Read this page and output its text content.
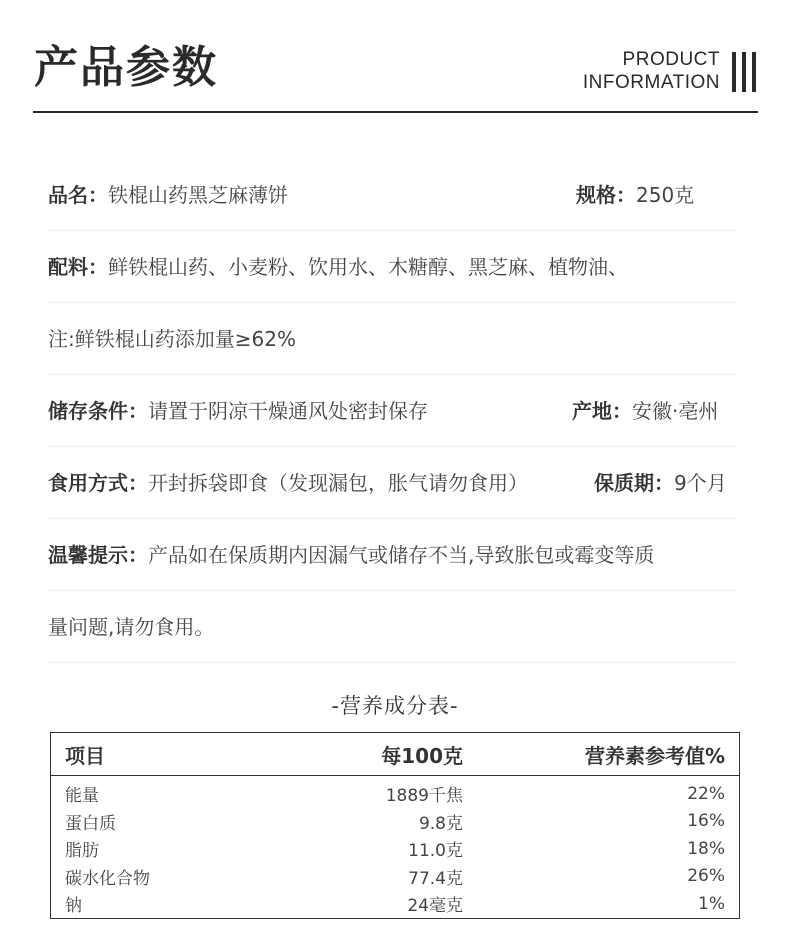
产品参数	PRODUCT
INFORMATION
品名：铁棍山药黑芝麻薄饼	规格：250克
配料：鲜铁棍山药、小麦粉、饮用水、木糖醇、黑芝麻、植物油、
注:鲜铁棍山药添加量≥62%
储存条件：请置于阴凉干燥通风处密封保存	产地：安徽·亳州
食用方式：开封拆袋即食（发现漏包，胀气请勿食用）	保质期：9个月
温馨提示：产品如在保质期内因漏气或储存不当,导致胀包或霉变等质
量问题,请勿食用。
-营养成分表-
项目	每100克	营养素参考值%
能量	1889千焦	22%
蛋白质	9.8克	16%
脂肪	11.0克	18%
碳水化合物	77.4克	26%
钠	24毫克	1%
